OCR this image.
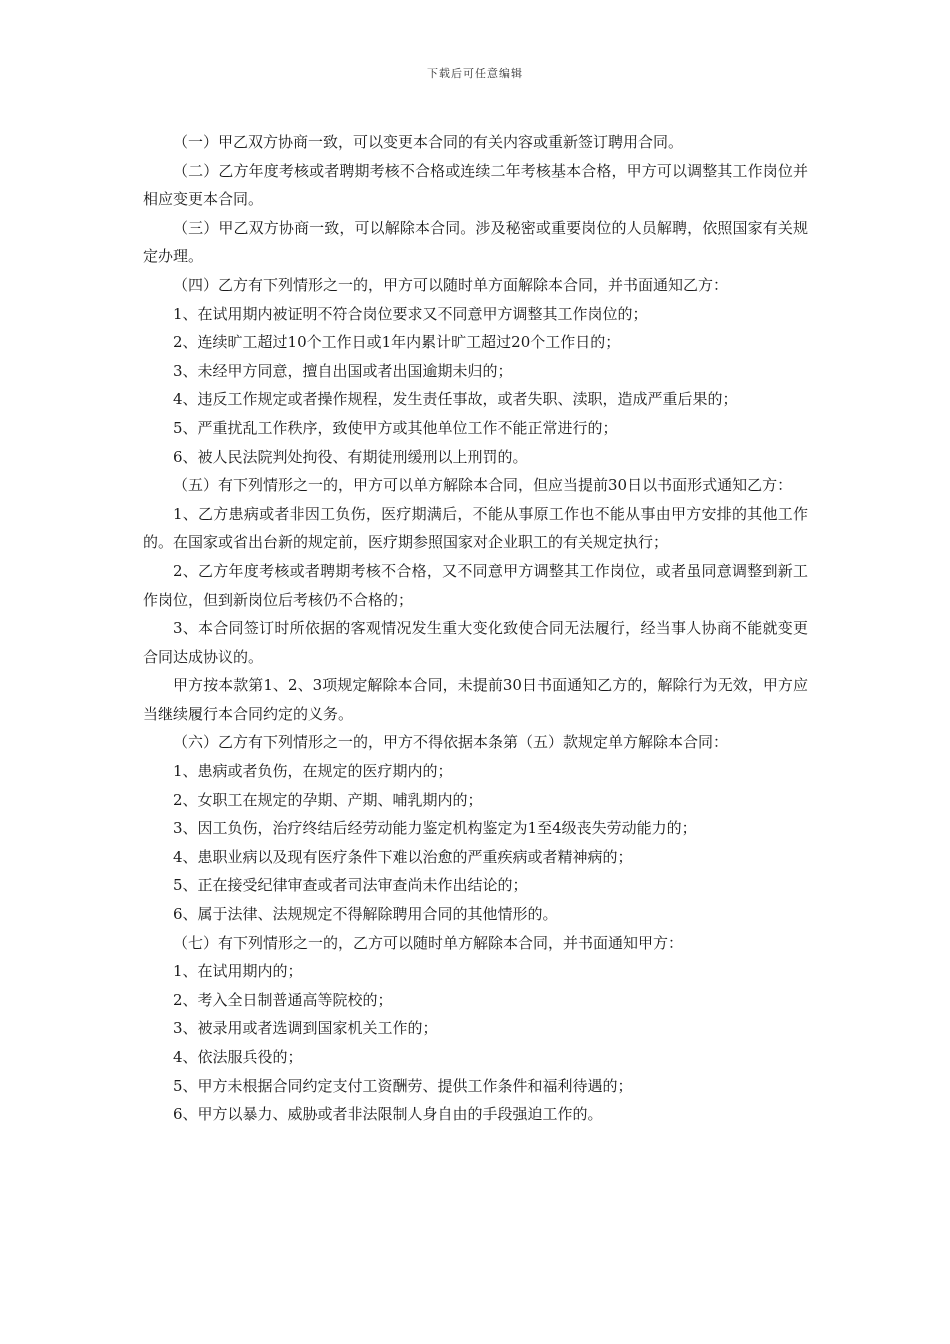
下载后可任意编辑

（一）甲乙双方协商一致，可以变更本合同的有关内容或重新签订聘用合同。

（二）乙方年度考核或者聘期考核不合格或连续二年考核基本合格，甲方可以调整其工作岗位并相应变更本合同。

（三）甲乙双方协商一致，可以解除本合同。涉及秘密或重要岗位的人员解聘，依照国家有关规定办理。

（四）乙方有下列情形之一的，甲方可以随时单方面解除本合同，并书面通知乙方：

1、在试用期内被证明不符合岗位要求又不同意甲方调整其工作岗位的；

2、连续旷工超过10个工作日或1年内累计旷工超过20个工作日的；

3、未经甲方同意，擅自出国或者出国逾期未归的；

4、违反工作规定或者操作规程，发生责任事故，或者失职、渎职，造成严重后果的；

5、严重扰乱工作秩序，致使甲方或其他单位工作不能正常进行的；

6、被人民法院判处拘役、有期徒刑缓刑以上刑罚的。

（五）有下列情形之一的，甲方可以单方解除本合同，但应当提前30日以书面形式通知乙方：

1、乙方患病或者非因工负伤，医疗期满后，不能从事原工作也不能从事由甲方安排的其他工作的。在国家或省出台新的规定前，医疗期参照国家对企业职工的有关规定执行；

2、乙方年度考核或者聘期考核不合格，又不同意甲方调整其工作岗位，或者虽同意调整到新工作岗位，但到新岗位后考核仍不合格的；

3、本合同签订时所依据的客观情况发生重大变化致使合同无法履行，经当事人协商不能就变更合同达成协议的。

甲方按本款第1、2、3项规定解除本合同，未提前30日书面通知乙方的，解除行为无效，甲方应当继续履行本合同约定的义务。

（六）乙方有下列情形之一的，甲方不得依据本条第（五）款规定单方解除本合同：

1、患病或者负伤，在规定的医疗期内的；

2、女职工在规定的孕期、产期、哺乳期内的；

3、因工负伤，治疗终结后经劳动能力鉴定机构鉴定为1至4级丧失劳动能力的；

4、患职业病以及现有医疗条件下难以治愈的严重疾病或者精神病的；

5、正在接受纪律审查或者司法审查尚未作出结论的；

6、属于法律、法规规定不得解除聘用合同的其他情形的。

（七）有下列情形之一的，乙方可以随时单方解除本合同，并书面通知甲方：

1、在试用期内的；

2、考入全日制普通高等院校的；

3、被录用或者选调到国家机关工作的；

4、依法服兵役的；

5、甲方未根据合同约定支付工资酬劳、提供工作条件和福利待遇的；

6、甲方以暴力、威胁或者非法限制人身自由的手段强迫工作的。
